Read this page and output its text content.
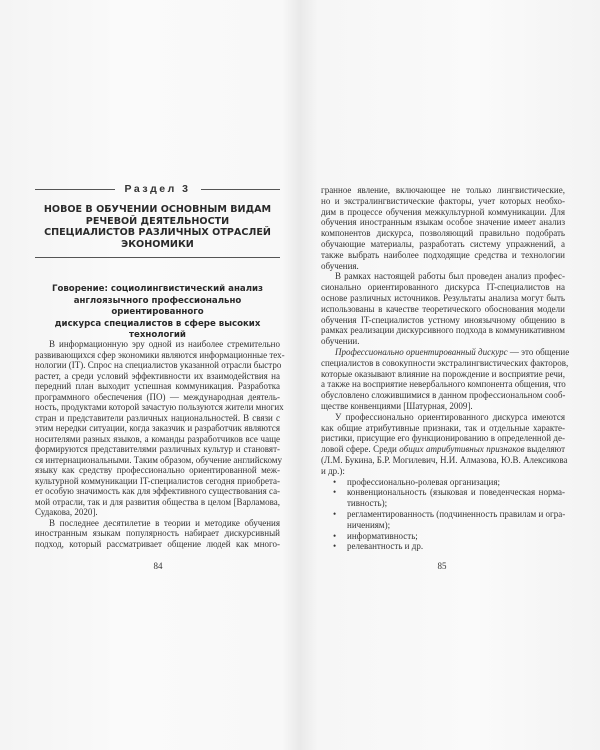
Раздел 3
НОВОЕ В ОБУЧЕНИИ ОСНОВНЫМ ВИДАМ
РЕЧЕВОЙ ДЕЯТЕЛЬНОСТИ
СПЕЦИАЛИСТОВ РАЗЛИЧНЫХ ОТРАСЛЕЙ
ЭКОНОМИКИ
Говорение: социолингвистический анализ
англоязычного профессионально ориентированного
дискурса специалистов в сфере высоких технологий
В информационную эру одной из наиболее стремительно
развивающихся сфер экономики являются информационные тех-
нологии (IT). Спрос на специалистов указанной отрасли быстро
растет, а среди условий эффективности их взаимодействия на
передний план выходит успешная коммуникация. Разработка
программного обеспечения (ПО) — международная деятель-
ность, продуктами которой зачастую пользуются жители многих
стран и представители различных национальностей. В связи с
этим нередки ситуации, когда заказчик и разработчик являются
носителями разных языков, а команды разработчиков все чаще
формируются представителями различных культур и становят-
ся интернациональными. Таким образом, обучение английскому
языку как средству профессионально ориентированной меж-
культурной коммуникации IT-специалистов сегодня приобрета-
ет особую значимость как для эффективного существования са-
мой отрасли, так и для развития общества в целом [Варламова,
Судакова, 2020].
В последнее десятилетие в теории и методике обучения
иностранным языкам популярность набирает дискурсивный
подход, который рассматривает общение людей как много-
гранное явление, включающее не только лингвистические,
но и экстралингвистические факторы, учет которых необхо-
дим в процессе обучения межкультурной коммуникации. Для
обучения иностранным языкам особое значение имеет анализ
компонентов дискурса, позволяющий правильно подобрать
обучающие материалы, разработать систему упражнений, а
также выбрать наиболее подходящие средства и технологии
обучения.
В рамках настоящей работы был проведен анализ профес-
сионально ориентированного дискурса IT-специалистов на
основе различных источников. Результаты анализа могут быть
использованы в качестве теоретического обоснования модели
обучения IT-специалистов устному иноязычному общению в
рамках реализации дискурсивного подхода в коммуникативном
обучении.
Профессионально ориентированный дискурс — это общение
специалистов в совокупности экстралингвистических факторов,
которые оказывают влияние на порождение и восприятие речи,
а также на восприятие невербального компонента общения, что
обусловлено сложившимися в данном профессиональном сооб-
ществе конвенциями [Шатурная, 2009].
У профессионально ориентированного дискурса имеются
как общие атрибутивные признаки, так и отдельные характе-
ристики, присущие его функционированию в определенной де-
ловой сфере. Среди общих атрибутивных признаков выделяют
(Л.М. Букина, Б.Р. Могилевич, Н.И. Алмазова, Ю.В. Алексикова
и др.):
• профессионально-ролевая организация;
• конвенциональность (языковая и поведенческая норма-
тивность);
• регламентированность (подчиненность правилам и огра-
ничениям);
• информативность;
• релевантность и др.
84	85
